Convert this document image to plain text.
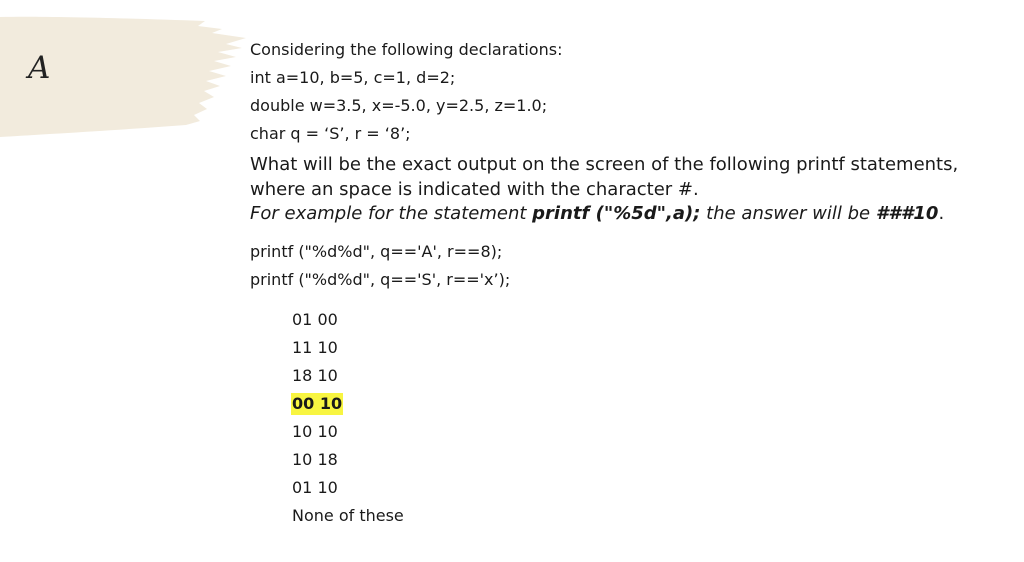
A
Considering the following declarations:
int a=10, b=5, c=1, d=2;
double w=3.5, x=-5.0, y=2.5, z=1.0;
char q = ‘S’, r = ‘8’;
What will be the exact output on the screen of the following printf statements, where an space is indicated with the character #.
For example for the statement printf ("%5d",a); the answer will be ###10.
printf ("%d%d", q=='A', r==8);
printf ("%d%d", q=='S', r=='x’);
01 00
11 10
18 10
00 10
10 10
10 18
01 10
None of these
